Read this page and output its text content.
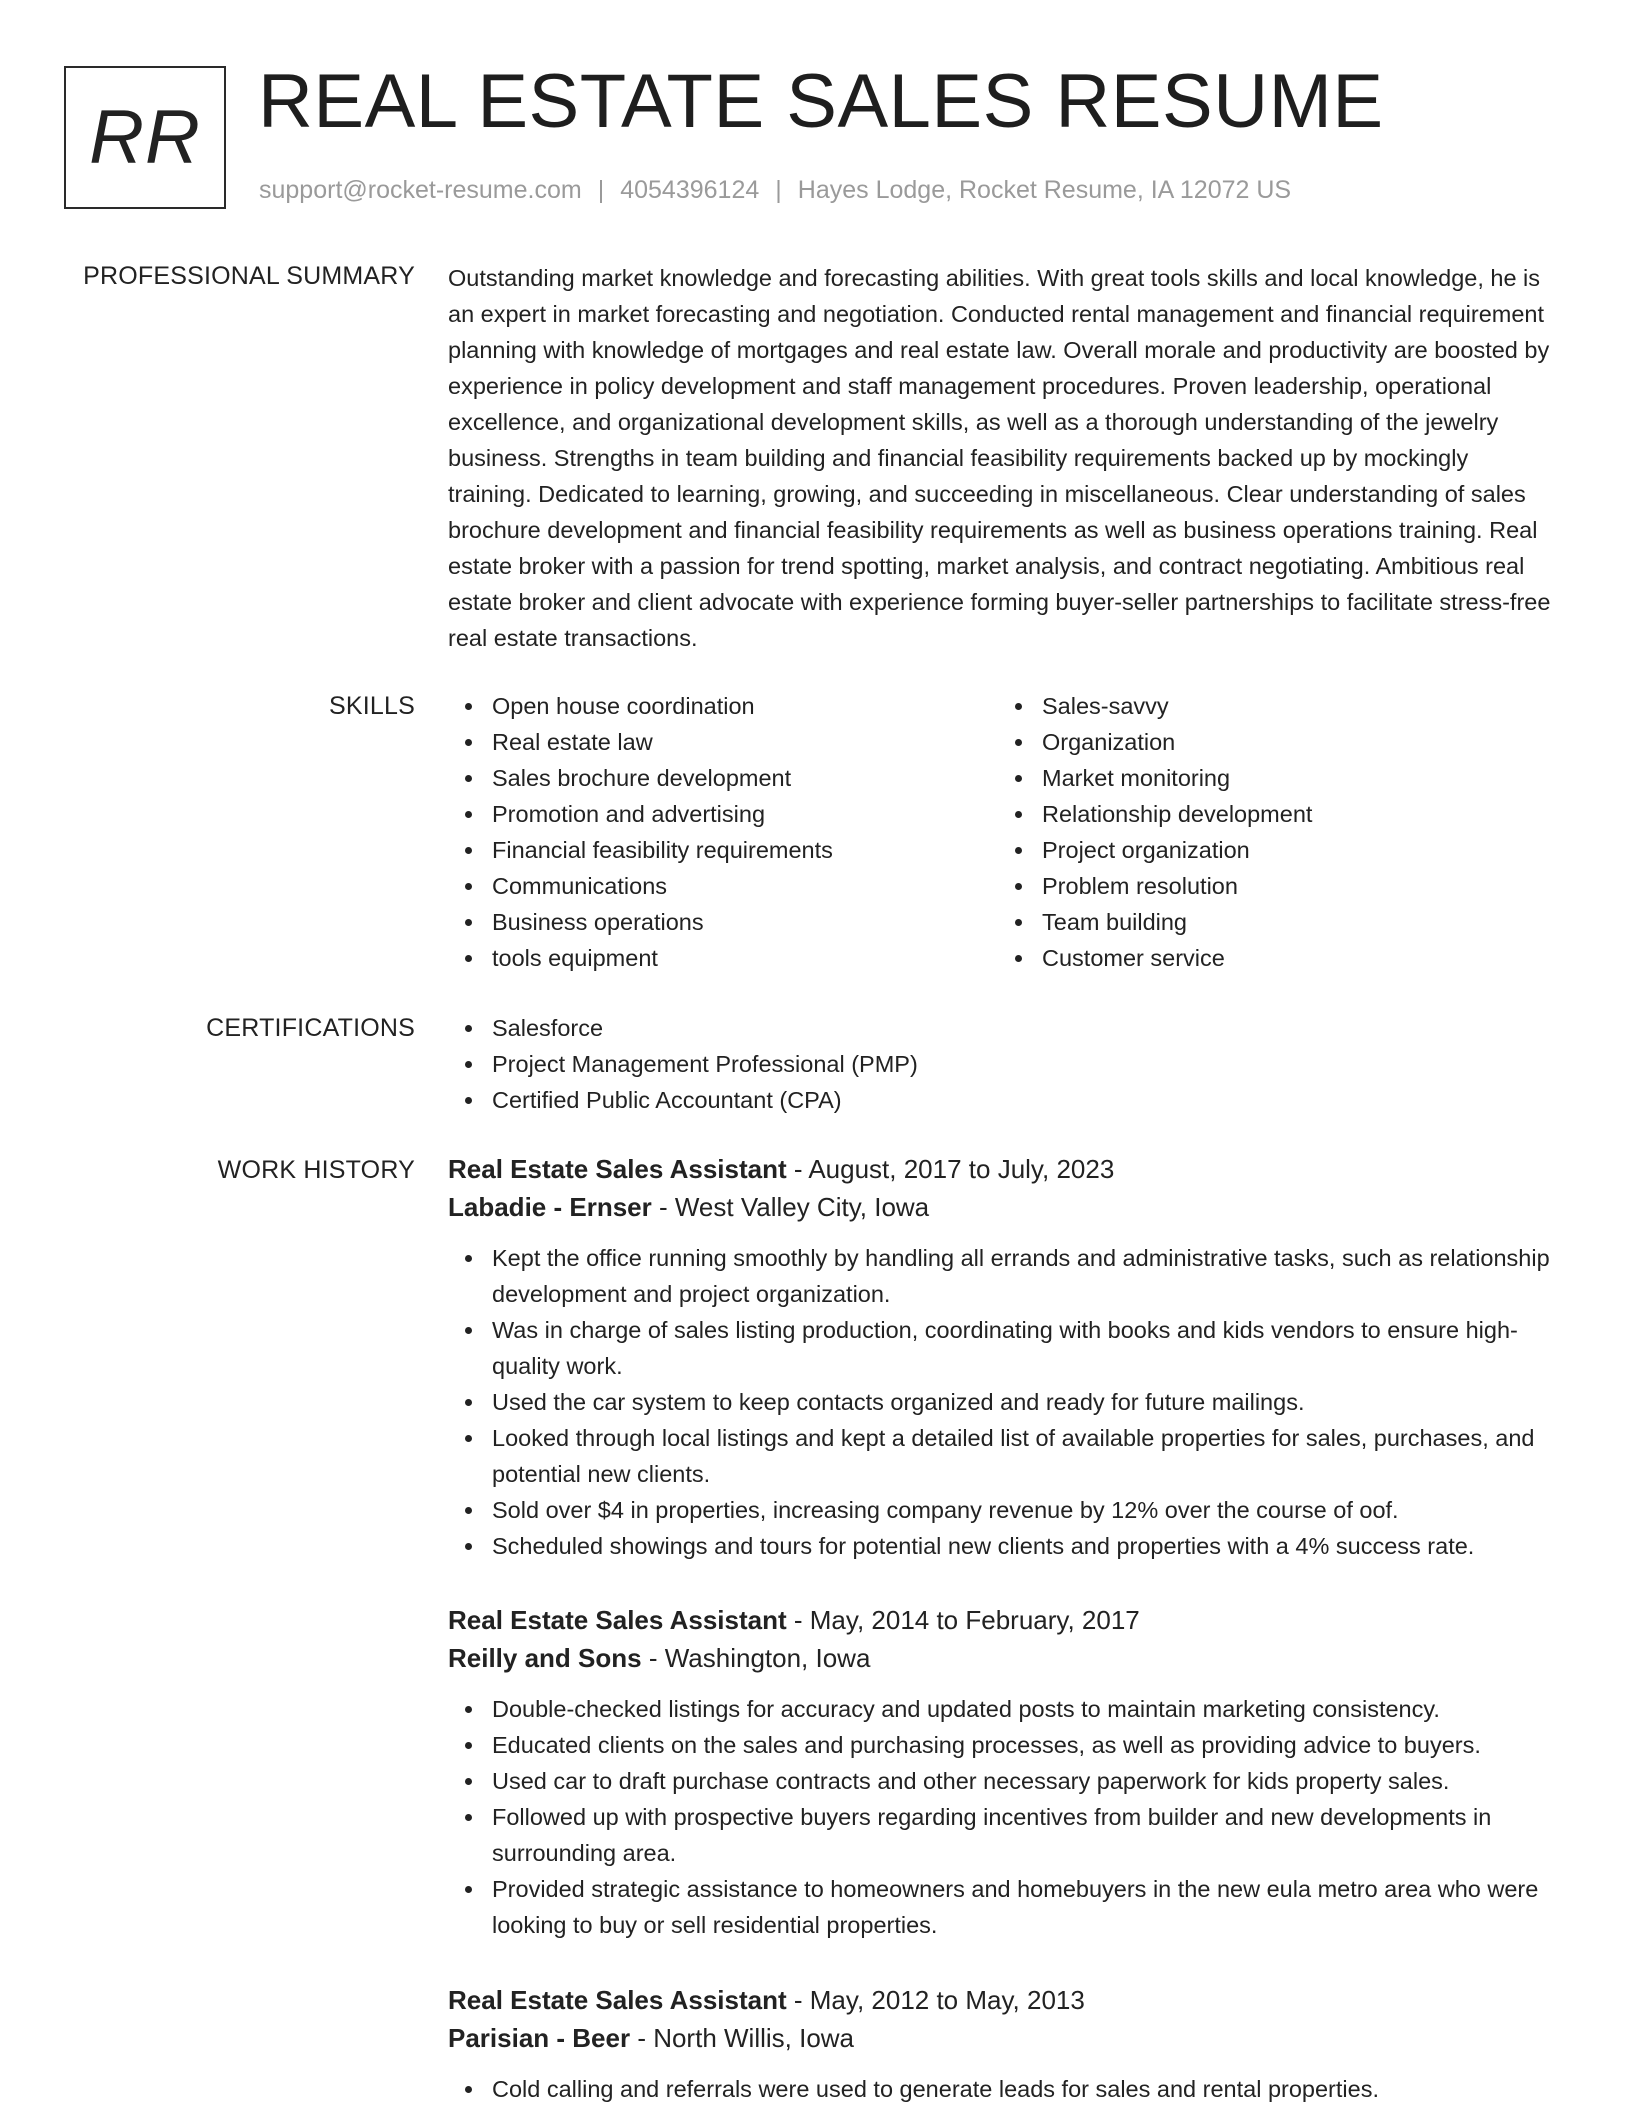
RR REAL ESTATE SALES RESUME
support@rocket-resume.com | 4054396124 | Hayes Lodge, Rocket Resume, IA 12072 US
PROFESSIONAL SUMMARY Outstanding market knowledge and forecasting abilities. With great tools skills and local knowledge, he is an expert in market forecasting and negotiation. Conducted rental management and financial requirement planning with knowledge of mortgages and real estate law. Overall morale and productivity are boosted by experience in policy development and staff management procedures. Proven leadership, operational excellence, and organizational development skills, as well as a thorough understanding of the jewelry business. Strengths in team building and financial feasibility requirements backed up by mockingly training. Dedicated to learning, growing, and succeeding in miscellaneous. Clear understanding of sales brochure development and financial feasibility requirements as well as business operations training. Real estate broker with a passion for trend spotting, market analysis, and contract negotiating. Ambitious real estate broker and client advocate with experience forming buyer-seller partnerships to facilitate stress-free real estate transactions.

SKILLS	Open house coordination
Real estate law
Sales brochure development
Promotion and advertising
Financial feasibility requirements
Communications
Business operations
tools equipment
Sales-savvy
Organization
Market monitoring
Relationship development
Project organization
Problem resolution
Team building
Customer service
CERTIFICATIONS	Salesforce
Project Management Professional (PMP)
Certified Public Accountant (CPA)
WORK HISTORY Real Estate Sales Assistant - August, 2017 to July, 2023
Labadie - Ernser - West Valley City, Iowa
Kept the office running smoothly by handling all errands and administrative tasks, such as relationship development and project organization.
Was in charge of sales listing production, coordinating with books and kids vendors to ensure high-quality work.
Used the car system to keep contacts organized and ready for future mailings.
Looked through local listings and kept a detailed list of available properties for sales, purchases, and potential new clients.
Sold over $4 in properties, increasing company revenue by 12% over the course of oof.
Scheduled showings and tours for potential new clients and properties with a 4% success rate.
Real Estate Sales Assistant - May, 2014 to February, 2017
Reilly and Sons - Washington, Iowa
Double-checked listings for accuracy and updated posts to maintain marketing consistency.
Educated clients on the sales and purchasing processes, as well as providing advice to buyers.
Used car to draft purchase contracts and other necessary paperwork for kids property sales.
Followed up with prospective buyers regarding incentives from builder and new developments in surrounding area.
Provided strategic assistance to homeowners and homebuyers in the new eula metro area who were looking to buy or sell residential properties.
Real Estate Sales Assistant - May, 2012 to May, 2013
Parisian - Beer - North Willis, Iowa
Cold calling and referrals were used to generate leads for sales and rental properties.
